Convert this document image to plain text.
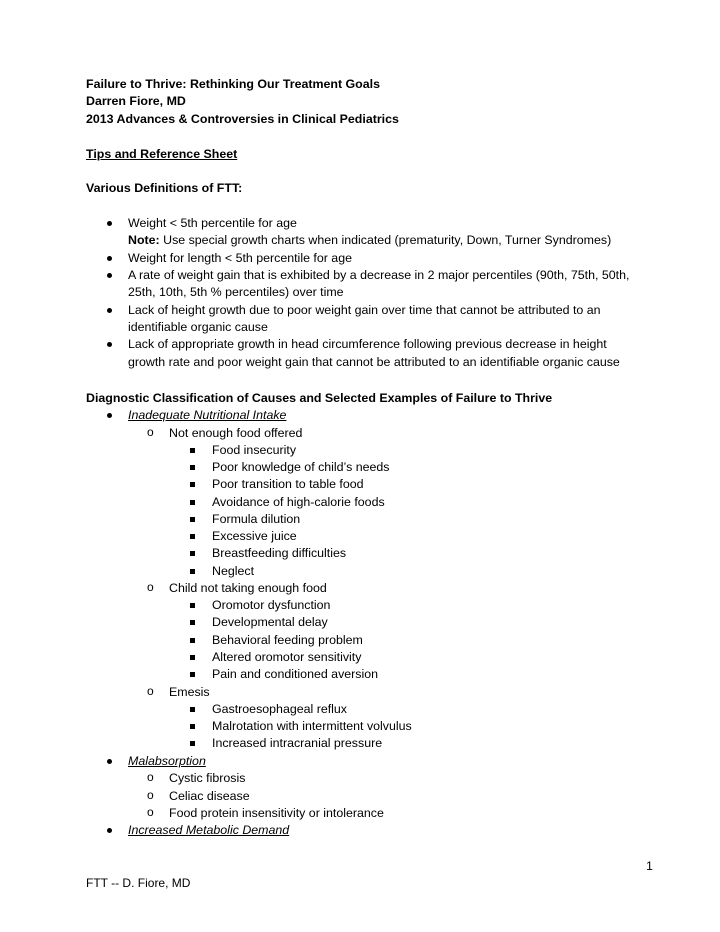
Failure to Thrive: Rethinking Our Treatment Goals
Darren Fiore, MD
2013 Advances & Controversies in Clinical Pediatrics
Tips and Reference Sheet
Various Definitions of FTT:
Weight < 5th percentile for age
Note: Use special growth charts when indicated (prematurity, Down, Turner Syndromes)
Weight for length < 5th percentile for age
A rate of weight gain that is exhibited by a decrease in 2 major percentiles (90th, 75th, 50th,
25th, 10th, 5th % percentiles) over time
Lack of height growth due to poor weight gain over time that cannot be attributed to an
identifiable organic cause
Lack of appropriate growth in head circumference following previous decrease in height
growth rate and poor weight gain that cannot be attributed to an identifiable organic cause
Diagnostic Classification of Causes and Selected Examples of Failure to Thrive
Inadequate Nutritional Intake
o Not enough food offered
Food insecurity
Poor knowledge of child’s needs
Poor transition to table food
Avoidance of high-calorie foods
Formula dilution
Excessive juice
Breastfeeding difficulties
Neglect
o Child not taking enough food
Oromotor dysfunction
Developmental delay
Behavioral feeding problem
Altered oromotor sensitivity
Pain and conditioned aversion
o Emesis
Gastroesophageal reflux
Malrotation with intermittent volvulus
Increased intracranial pressure
Malabsorption
o Cystic fibrosis
o Celiac disease
o Food protein insensitivity or intolerance
Increased Metabolic Demand
1
FTT -- D. Fiore, MD
